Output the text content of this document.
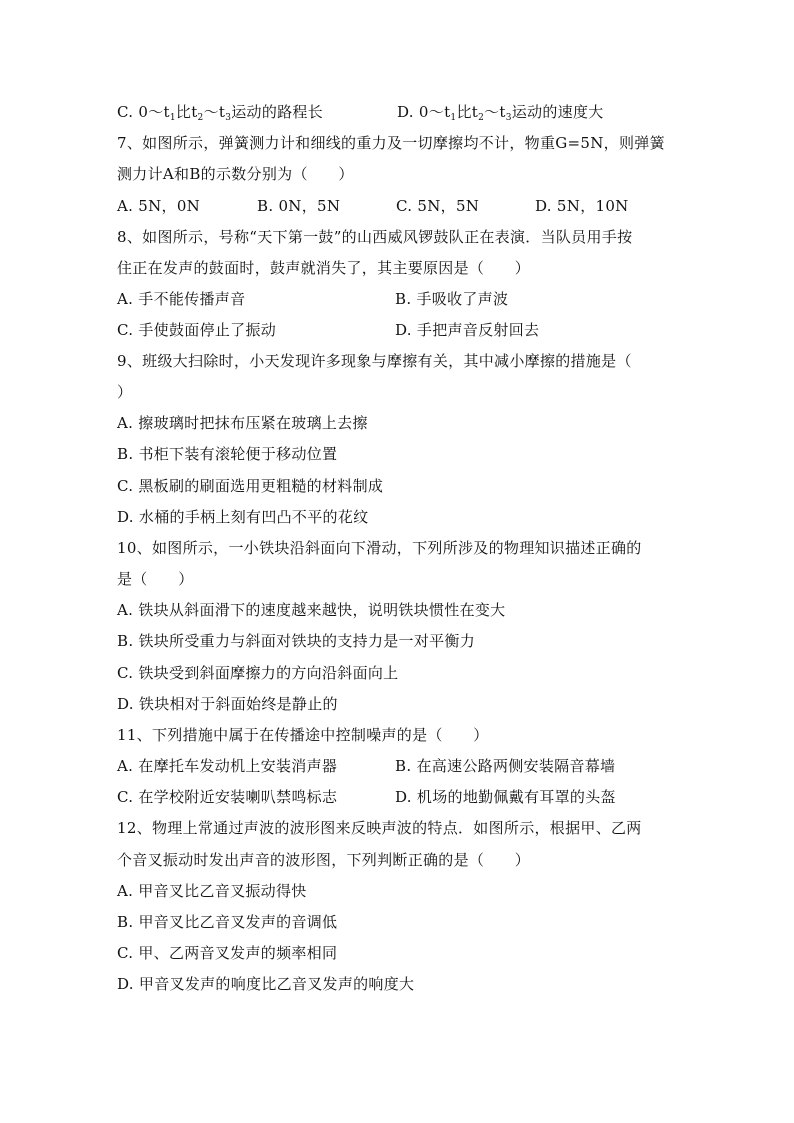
C. $0\sim t_1$比$t_2\sim t_3$运动的路程长	D. $0\sim t_1$比$t_2\sim t_3$运动的速度大
7、如图所示，弹簧测力计和细线的重力及一切摩擦均不计，物重G=5N，则弹簧
测力计A和B的示数分别为（　　）
A. 5N，0N	B. 0N，5N	C. 5N，5N	D. 5N，10N
8、如图所示，号称“天下第一鼓”的山西威风锣鼓队正在表演．当队员用手按
住正在发声的鼓面时，鼓声就消失了，其主要原因是（　　）
A. 手不能传播声音	B. 手吸收了声波
C. 手使鼓面停止了振动	D. 手把声音反射回去
9、班级大扫除时，小天发现许多现象与摩擦有关，其中减小摩擦的措施是（
）
A. 擦玻璃时把抹布压紧在玻璃上去擦
B. 书柜下装有滚轮便于移动位置
C. 黑板刷的刷面选用更粗糙的材料制成
D. 水桶的手柄上刻有凹凸不平的花纹
10、如图所示，一小铁块沿斜面向下滑动，下列所涉及的物理知识描述正确的
是（　　）
A. 铁块从斜面滑下的速度越来越快，说明铁块惯性在变大
B. 铁块所受重力与斜面对铁块的支持力是一对平衡力
C. 铁块受到斜面摩擦力的方向沿斜面向上
D. 铁块相对于斜面始终是静止的
11、下列措施中属于在传播途中控制噪声的是（　　）
A. 在摩托车发动机上安装消声器	B. 在高速公路两侧安装隔音幕墙
C. 在学校附近安装喇叭禁鸣标志	D. 机场的地勤佩戴有耳罩的头盔
12、物理上常通过声波的波形图来反映声波的特点．如图所示，根据甲、乙两
个音叉振动时发出声音的波形图，下列判断正确的是（　　）
A. 甲音叉比乙音叉振动得快
B. 甲音叉比乙音叉发声的音调低
C. 甲、乙两音叉发声的频率相同
D. 甲音叉发声的响度比乙音叉发声的响度大
